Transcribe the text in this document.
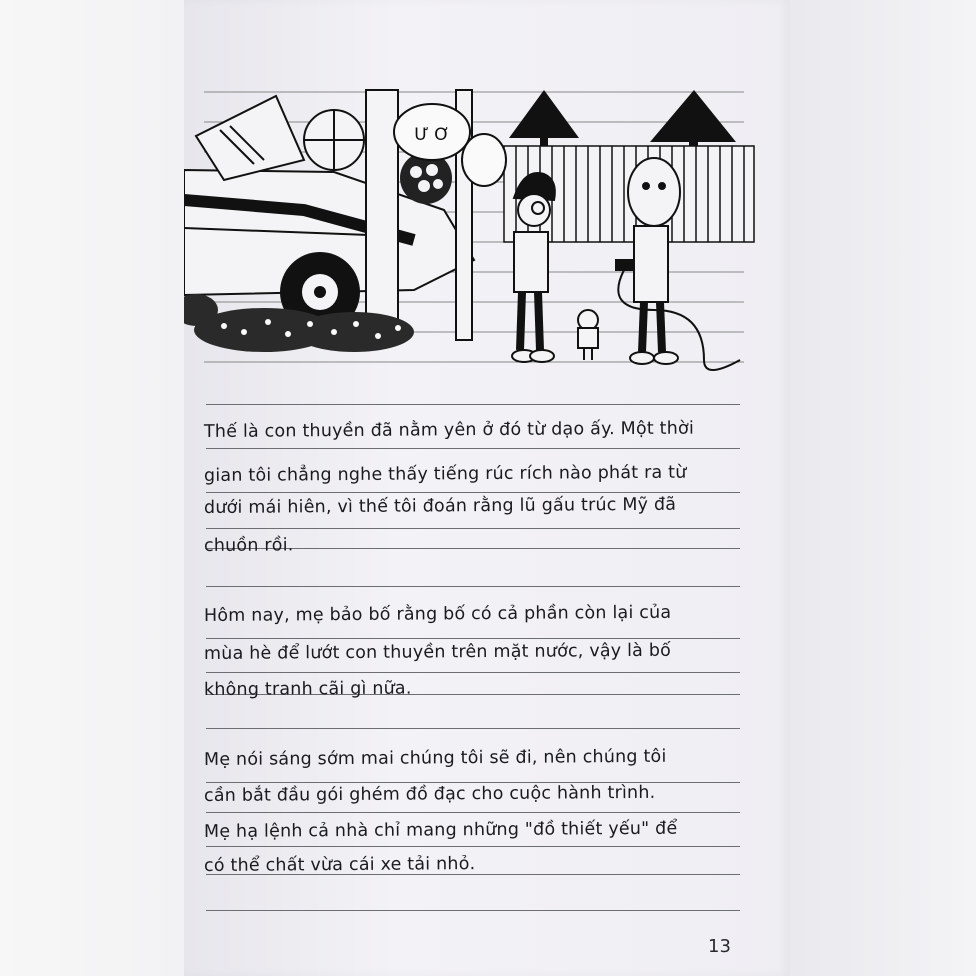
Ư Ơ
Thế là con thuyền đã nằm yên ở đó từ dạo ấy. Một thời
gian tôi chẳng nghe thấy tiếng rúc rích nào phát ra từ
dưới mái hiên, vì thế tôi đoán rằng lũ gấu trúc Mỹ đã
chuồn rồi.
Hôm nay, mẹ bảo bố rằng bố có cả phần còn lại của
mùa hè để lướt con thuyền trên mặt nước, vậy là bố
không tranh cãi gì nữa.
Mẹ nói sáng sớm mai chúng tôi sẽ đi, nên chúng tôi
cần bắt đầu gói ghém đồ đạc cho cuộc hành trình.
Mẹ hạ lệnh cả nhà chỉ mang những "đồ thiết yếu" để
có thể chất vừa cái xe tải nhỏ.
13
